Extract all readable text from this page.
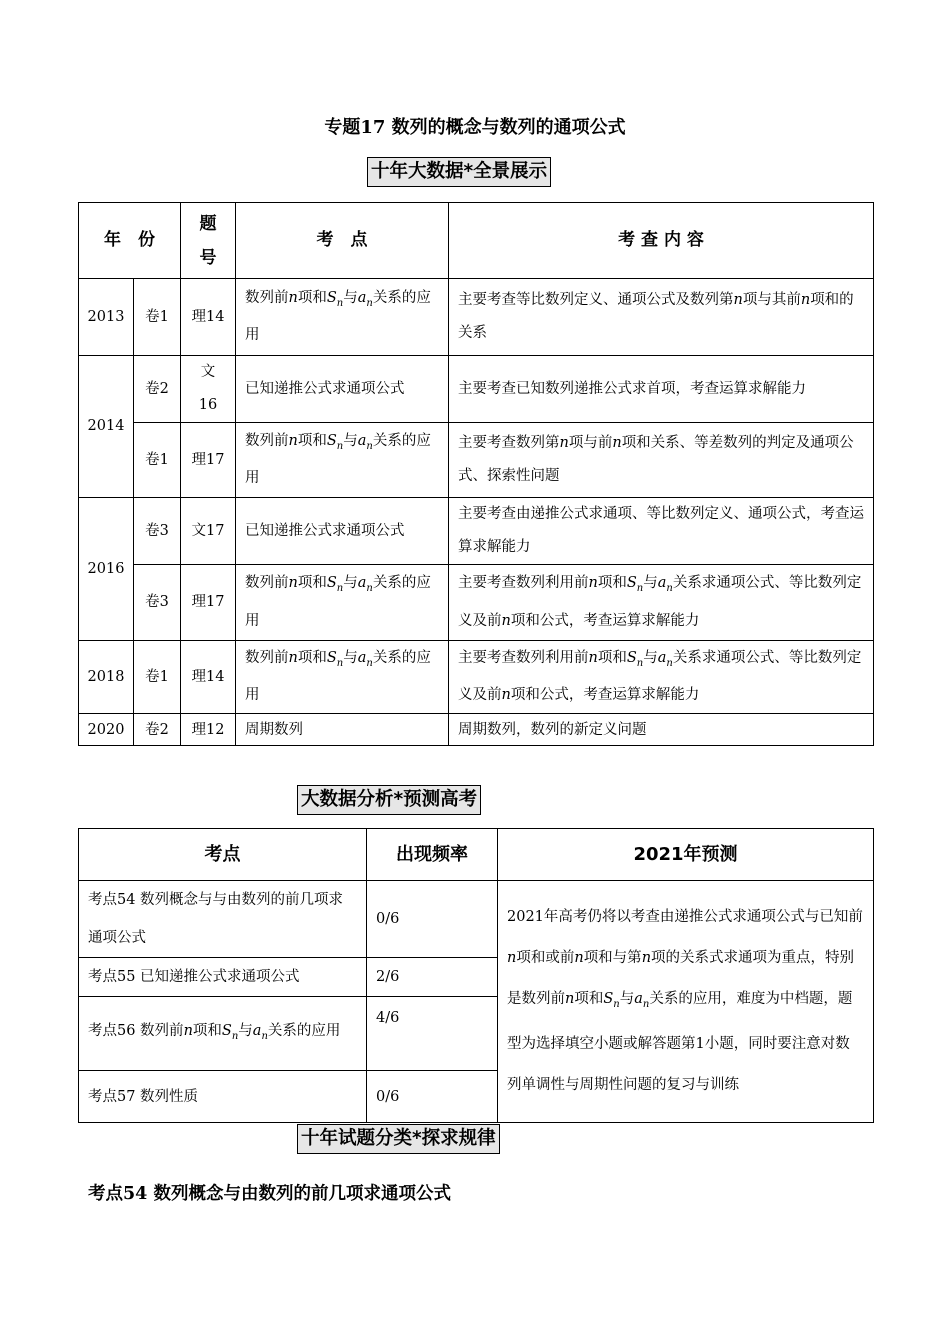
专题17 数列的概念与数列的通项公式
十年大数据*全景展示
年　份		题号	考　点	考 查 内 容
2013	卷1	理14	数列前n项和$S_n$与$a_n$关系的应用	主要考查等比数列定义、通项公式及数列第n项与其前n项和的关系
2014	卷2	文16	已知递推公式求通项公式	主要考查已知数列递推公式求首项，考查运算求解能力
	卷1	理17	数列前n项和$S_n$与$a_n$关系的应用	主要考查数列第n项与前n项和关系、等差数列的判定及通项公式、探索性问题
2016	卷3	文17	已知递推公式求通项公式	主要考查由递推公式求通项、等比数列定义、通项公式，考查运算求解能力
	卷3	理17	数列前n项和$S_n$与$a_n$关系的应用	主要考查数列利用前n项和$S_n$与$a_n$关系求通项公式、等比数列定义及前n项和公式，考查运算求解能力
2018	卷1	理14	数列前n项和$S_n$与$a_n$关系的应用	主要考查数列利用前n项和$S_n$与$a_n$关系求通项公式、等比数列定义及前n项和公式，考查运算求解能力
2020	卷2	理12	周期数列	周期数列，数列的新定义问题
大数据分析*预测高考
考点	出现频率	2021年预测
考点54 数列概念与与由数列的前几项求通项公式	0/6	2021年高考仍将以考查由递推公式求通项公式与已知前n项和或前n项和与第n项的关系式求通项为重点，特别是数列前n项和$S_n$与$a_n$关系的应用，难度为中档题，题型为选择填空小题或解答题第1小题，同时要注意对数列单调性与周期性问题的复习与训练
考点55 已知递推公式求通项公式	2/6	
考点56 数列前n项和$S_n$与$a_n$关系的应用	4/6	
考点57 数列性质	0/6	
十年试题分类*探求规律
考点54 数列概念与由数列的前几项求通项公式
